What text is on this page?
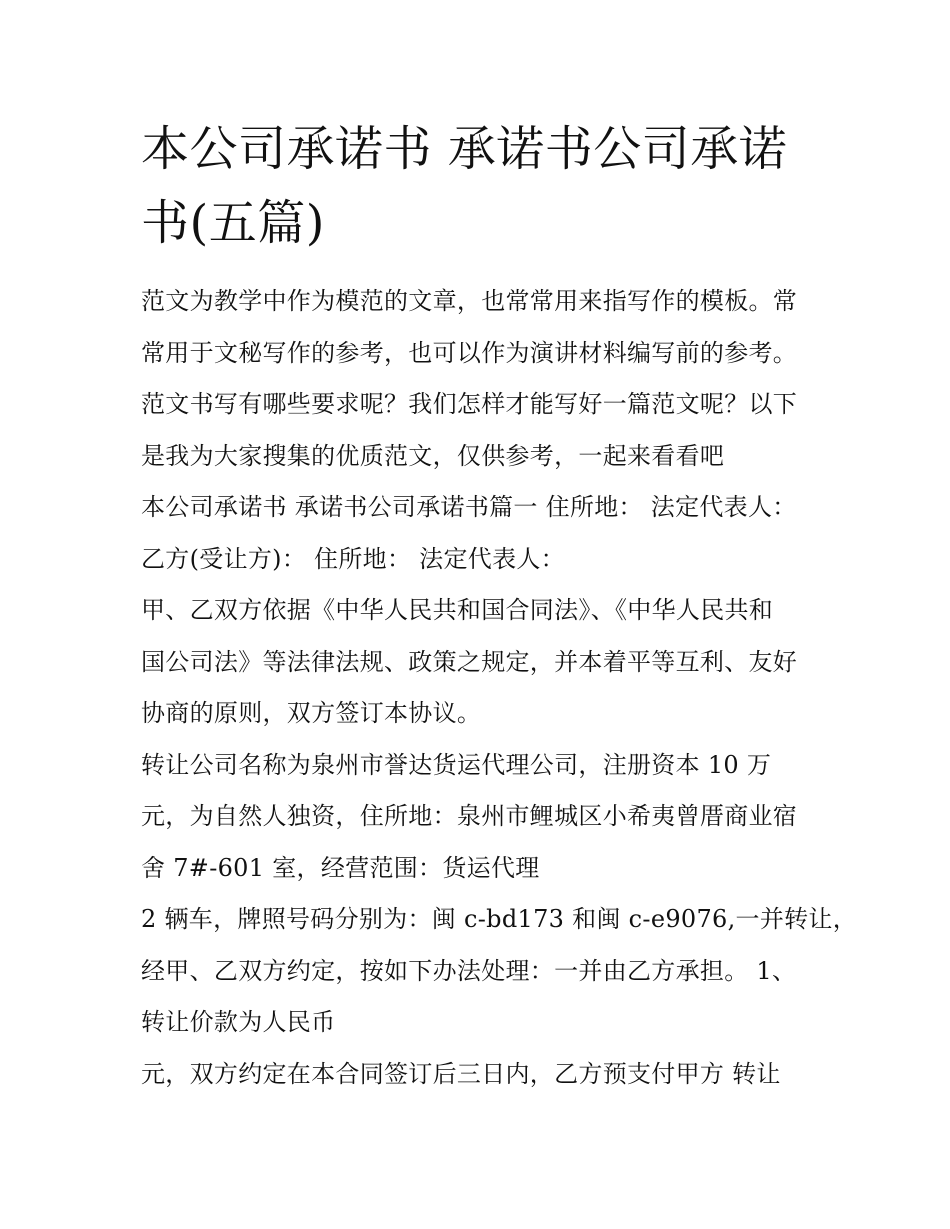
本公司承诺书 承诺书公司承诺
书(五篇)
范文为教学中作为模范的文章，也常常用来指写作的模板。常
常用于文秘写作的参考，也可以作为演讲材料编写前的参考。
范文书写有哪些要求呢？我们怎样才能写好一篇范文呢？以下
是我为大家搜集的优质范文，仅供参考，一起来看看吧
本公司承诺书 承诺书公司承诺书篇一 住所地： 法定代表人：
乙方(受让方)： 住所地： 法定代表人：
甲、乙双方依据《中华人民共和国合同法》、《中华人民共和
国公司法》等法律法规、政策之规定，并本着平等互利、友好
协商的原则，双方签订本协议。
转让公司名称为泉州市誉达货运代理公司，注册资本 10 万
元，为自然人独资，住所地：泉州市鲤城区小希夷曾厝商业宿
舍 7#-601 室，经营范围：货运代理
2 辆车，牌照号码分别为：闽 c-bd173 和闽 c-e9076,一并转让，
经甲、乙双方约定，按如下办法处理：一并由乙方承担。 1、
转让价款为人民币
元，双方约定在本合同签订后三日内，乙方预支付甲方 转让
